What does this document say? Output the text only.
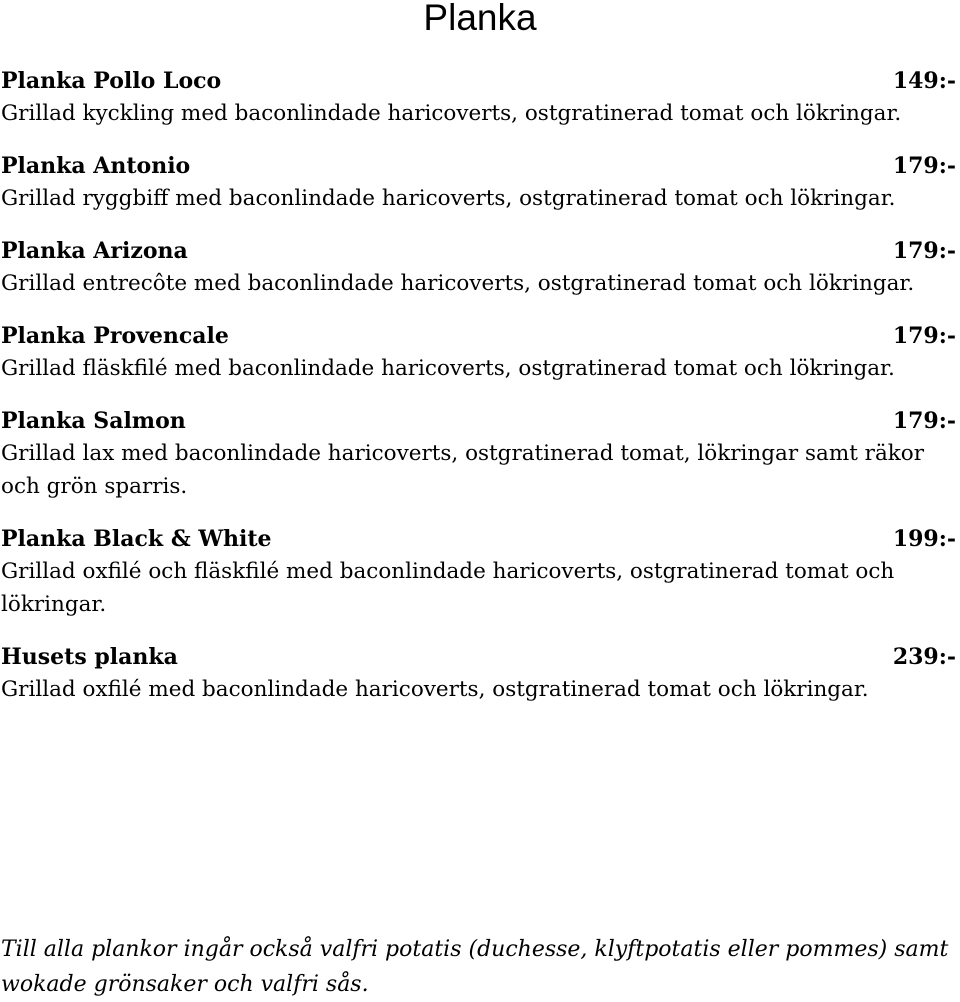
Planka
Planka Pollo Loco	149:-

Grillad kyckling med baconlindade haricoverts, ostgratinerad tomat och lökringar.

Planka Antonio	179:-

Grillad ryggbiff med baconlindade haricoverts, ostgratinerad tomat och lökringar.

Planka Arizona	179:-

Grillad entrecôte med baconlindade haricoverts, ostgratinerad tomat och lökringar.

Planka Provencale	179:-

Grillad fläskfilé med baconlindade haricoverts, ostgratinerad tomat och lökringar.

Planka Salmon	179:-

Grillad lax med baconlindade haricoverts, ostgratinerad tomat, lökringar samt räkor och grön sparris.

Planka Black & White	199:-

Grillad oxfilé och fläskfilé med baconlindade haricoverts, ostgratinerad tomat och lökringar.

Husets planka	239:-

Grillad oxfilé med baconlindade haricoverts, ostgratinerad tomat och lökringar.

Till alla plankor ingår också valfri potatis (duchesse, klyftpotatis eller pommes) samt wokade grönsaker och valfri sås.
